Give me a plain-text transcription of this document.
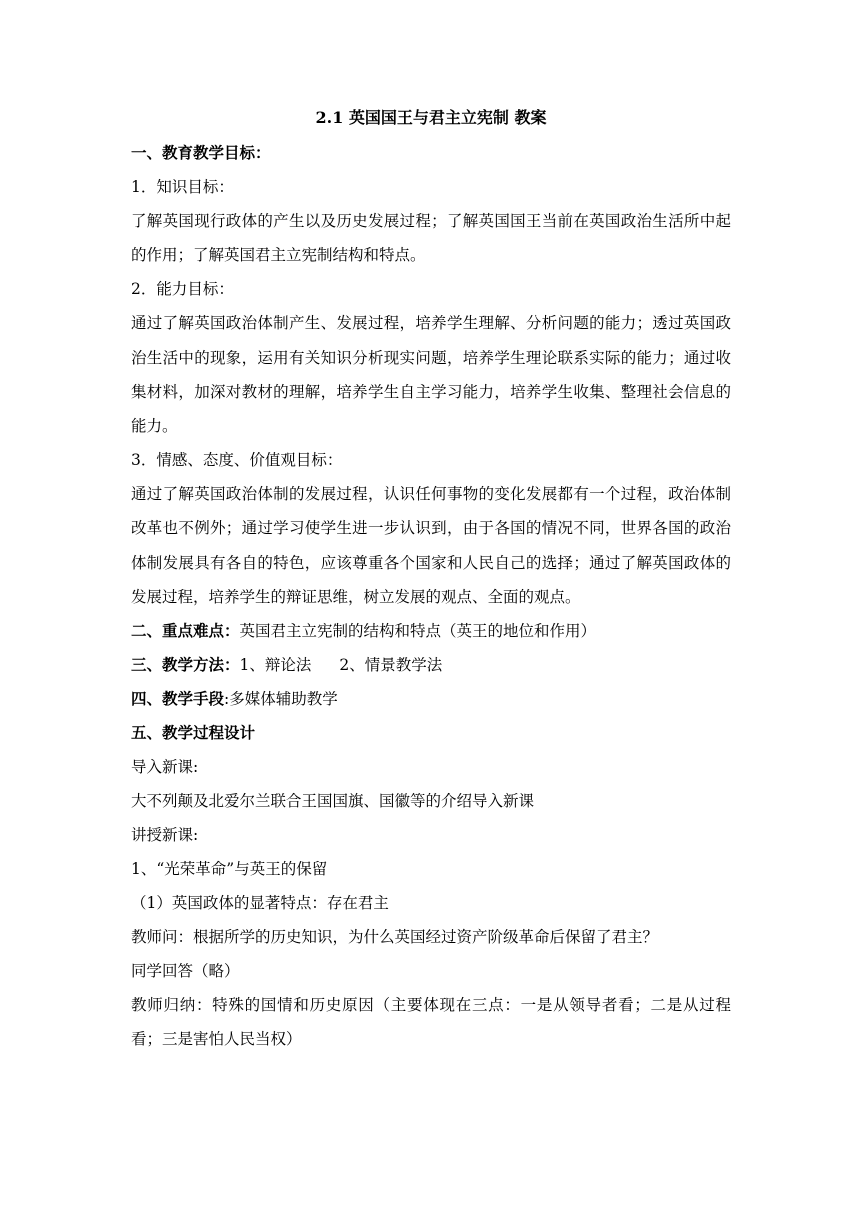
2.1 英国国王与君主立宪制 教案

一、教育教学目标：

1．知识目标：

了解英国现行政体的产生以及历史发展过程；了解英国国王当前在英国政治生活所中起的作用；了解英国君主立宪制结构和特点。

2．能力目标：

通过了解英国政治体制产生、发展过程，培养学生理解、分析问题的能力；透过英国政治生活中的现象，运用有关知识分析现实问题，培养学生理论联系实际的能力；通过收集材料，加深对教材的理解，培养学生自主学习能力，培养学生收集、整理社会信息的能力。

3．情感、态度、价值观目标：

通过了解英国政治体制的发展过程，认识任何事物的变化发展都有一个过程，政治体制改革也不例外；通过学习使学生进一步认识到，由于各国的情况不同，世界各国的政治体制发展具有各自的特色，应该尊重各个国家和人民自己的选择；通过了解英国政体的发展过程，培养学生的辩证思维，树立发展的观点、全面的观点。

二、重点难点：英国君主立宪制的结构和特点（英王的地位和作用）

三、教学方法：1、辩论法 2、情景教学法

四、教学手段:多媒体辅助教学

五、教学过程设计

导入新课:

大不列颠及北爱尔兰联合王国国旗、国徽等的介绍导入新课

讲授新课:

1、“光荣革命”与英王的保留

（1）英国政体的显著特点：存在君主

教师问：根据所学的历史知识，为什么英国经过资产阶级革命后保留了君主？

同学回答（略）

教师归纳：特殊的国情和历史原因（主要体现在三点：一是从领导者看；二是从过程看；三是害怕人民当权）
